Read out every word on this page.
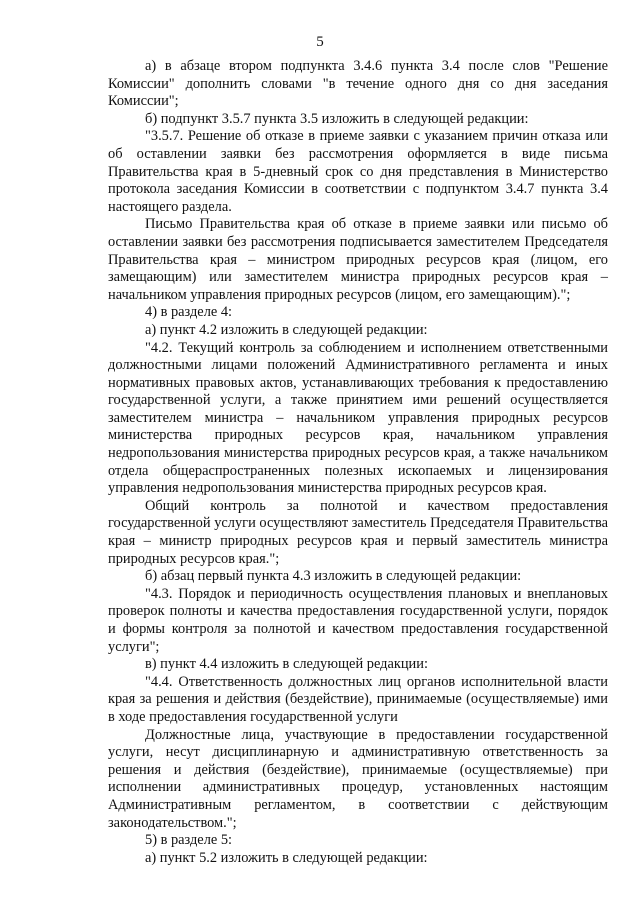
5

а) в абзаце втором подпункта 3.4.6 пункта 3.4 после слов "Решение Комиссии" дополнить словами "в течение одного дня со дня заседания Комиссии";

б) подпункт 3.5.7 пункта 3.5 изложить в следующей редакции:

"3.5.7. Решение об отказе в приеме заявки с указанием причин отказа или об оставлении заявки без рассмотрения оформляется в виде письма Правительства края в 5-дневный срок со дня представления в Министерство протокола заседания Комиссии в соответствии с подпунктом 3.4.7 пункта 3.4 настоящего раздела.

Письмо Правительства края об отказе в приеме заявки или письмо об оставлении заявки без рассмотрения подписывается заместителем Председателя Правительства края – министром природных ресурсов края (лицом, его замещающим) или заместителем министра природных ресурсов края – начальником управления природных ресурсов (лицом, его замещающим).";

4) в разделе 4:

а) пункт 4.2 изложить в следующей редакции:

"4.2. Текущий контроль за соблюдением и исполнением ответственными должностными лицами положений Административного регламента и иных нормативных правовых актов, устанавливающих требования к предоставлению государственной услуги, а также принятием ими решений осуществляется заместителем министра – начальником управления природных ресурсов министерства природных ресурсов края, начальником управления недропользования министерства природных ресурсов края, а также начальником отдела общераспространенных полезных ископаемых и лицензирования управления недропользования министерства природных ресурсов края.

Общий контроль за полнотой и качеством предоставления государственной услуги осуществляют заместитель Председателя Правительства края – министр природных ресурсов края и первый заместитель министра природных ресурсов края.";

б) абзац первый пункта 4.3 изложить в следующей редакции:

"4.3. Порядок и периодичность осуществления плановых и внеплановых проверок полноты и качества предоставления государственной услуги, порядок и формы контроля за полнотой и качеством предоставления государственной услуги";

в) пункт 4.4 изложить в следующей редакции:

"4.4. Ответственность должностных лиц органов исполнительной власти края за решения и действия (бездействие), принимаемые (осуществляемые) ими в ходе предоставления государственной услуги

Должностные лица, участвующие в предоставлении государственной услуги, несут дисциплинарную и административную ответственность за решения и действия (бездействие), принимаемые (осуществляемые) при исполнении административных процедур, установленных настоящим Административным регламентом, в соответствии с действующим законодательством.";

5) в разделе 5:

а) пункт 5.2 изложить в следующей редакции:
